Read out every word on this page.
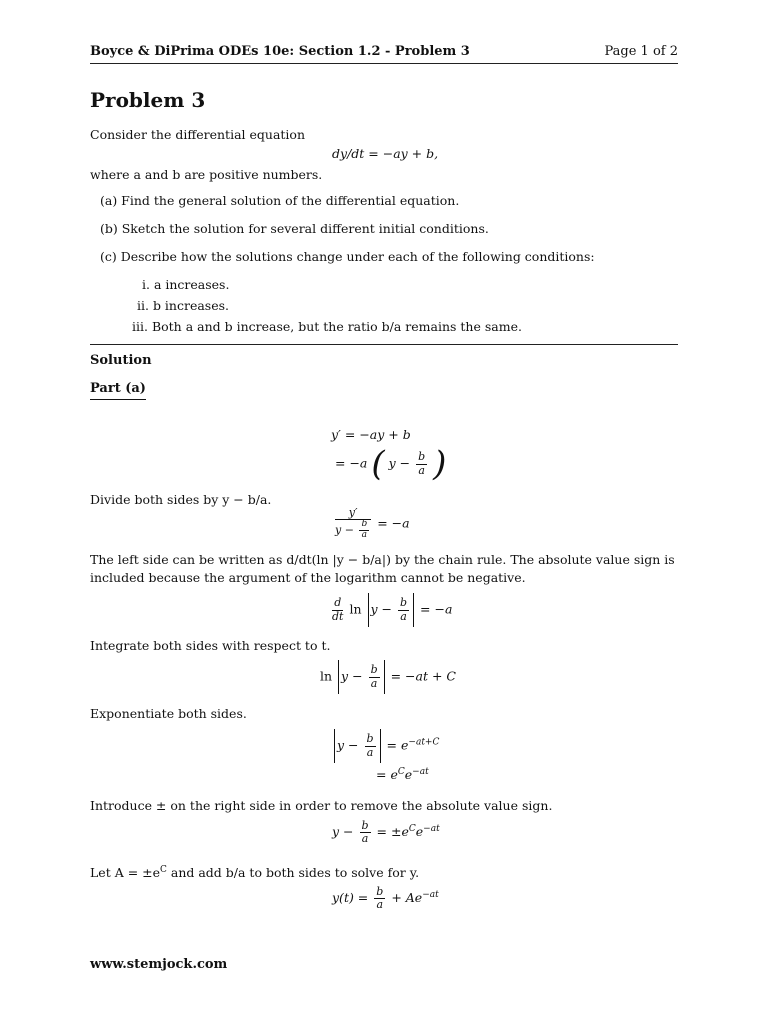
Boyce & DiPrima ODEs 10e: Section 1.2 - Problem 3	Page 1 of 2
Problem 3
Consider the differential equation
dy/dt = −ay + b,
where a and b are positive numbers.
(a) Find the general solution of the differential equation.
(b) Sketch the solution for several different initial conditions.
(c) Describe how the solutions change under each of the following conditions:
i. a increases.
ii. b increases.
iii. Both a and b increase, but the ratio b/a remains the same.
Solution
Part (a)
y′ = −ay + b
= −a ( $y - \frac{b}{a}$ )
Divide both sides by y − b/a.
$\frac{y'}{y - \frac{b}{a}} = -a$
The left side can be written as d/dt(ln |y − b/a|) by the chain rule. The absolute value sign is
included because the argument of the logarithm cannot be negative.
$\frac{d}{dt}$ $\ln y - \frac{b}{a} = -a$
Integrate both sides with respect to t.
$\ln y - \frac{b}{a} = -at + C$
Exponentiate both sides.
$y - \frac{b}{a} = e^{-at+C}$
= $e^Ce^{-at}$
Introduce ± on the right side in order to remove the absolute value sign.
$y - \frac{b}{a} = \pm e^Ce^{-at}$
Let $A = \pm e^C$ and add b/a to both sides to solve for y.
$y(t) = \frac{b}{a} + Ae^{-at}$
www.stemjock.com
